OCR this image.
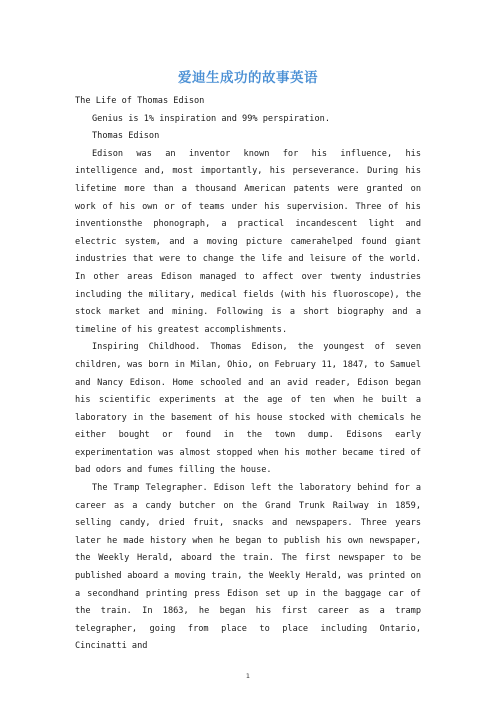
爱迪生成功的故事英语

The Life of Thomas Edison

Genius is 1% inspiration and 99% perspiration.

Thomas Edison

Edison was an inventor known for his influence, his intelligence and, most importantly, his perseverance. During his lifetime more than a thousand American patents were granted on work of his own or of teams under his supervision. Three of his inventionsthe phonograph, a practical incandescent light and electric system, and a moving picture camerahelped found giant industries that were to change the life and leisure of the world. In other areas Edison managed to affect over twenty industries including the military, medical fields (with his fluoroscope), the stock market and mining. Following is a short biography and a timeline of his greatest accomplishments.

Inspiring Childhood. Thomas Edison, the youngest of seven children, was born in Milan, Ohio, on February 11, 1847, to Samuel and Nancy Edison. Home schooled and an avid reader, Edison began his scientific experiments at the age of ten when he built a laboratory in the basement of his house stocked with chemicals he either bought or found in the town dump. Edisons early experimentation was almost stopped when his mother became tired of bad odors and fumes filling the house.

The Tramp Telegrapher. Edison left the laboratory behind for a career as a candy butcher on the Grand Trunk Railway in 1859, selling candy, dried fruit, snacks and newspapers. Three years later he made history when he began to publish his own newspaper, the Weekly Herald, aboard the train. The first newspaper to be published aboard a moving train, the Weekly Herald, was printed on a secondhand printing press Edison set up in the baggage car of the train. In 1863, he began his first career as a tramp telegrapher, going from place to place including Ontario, Cincinatti and

1
